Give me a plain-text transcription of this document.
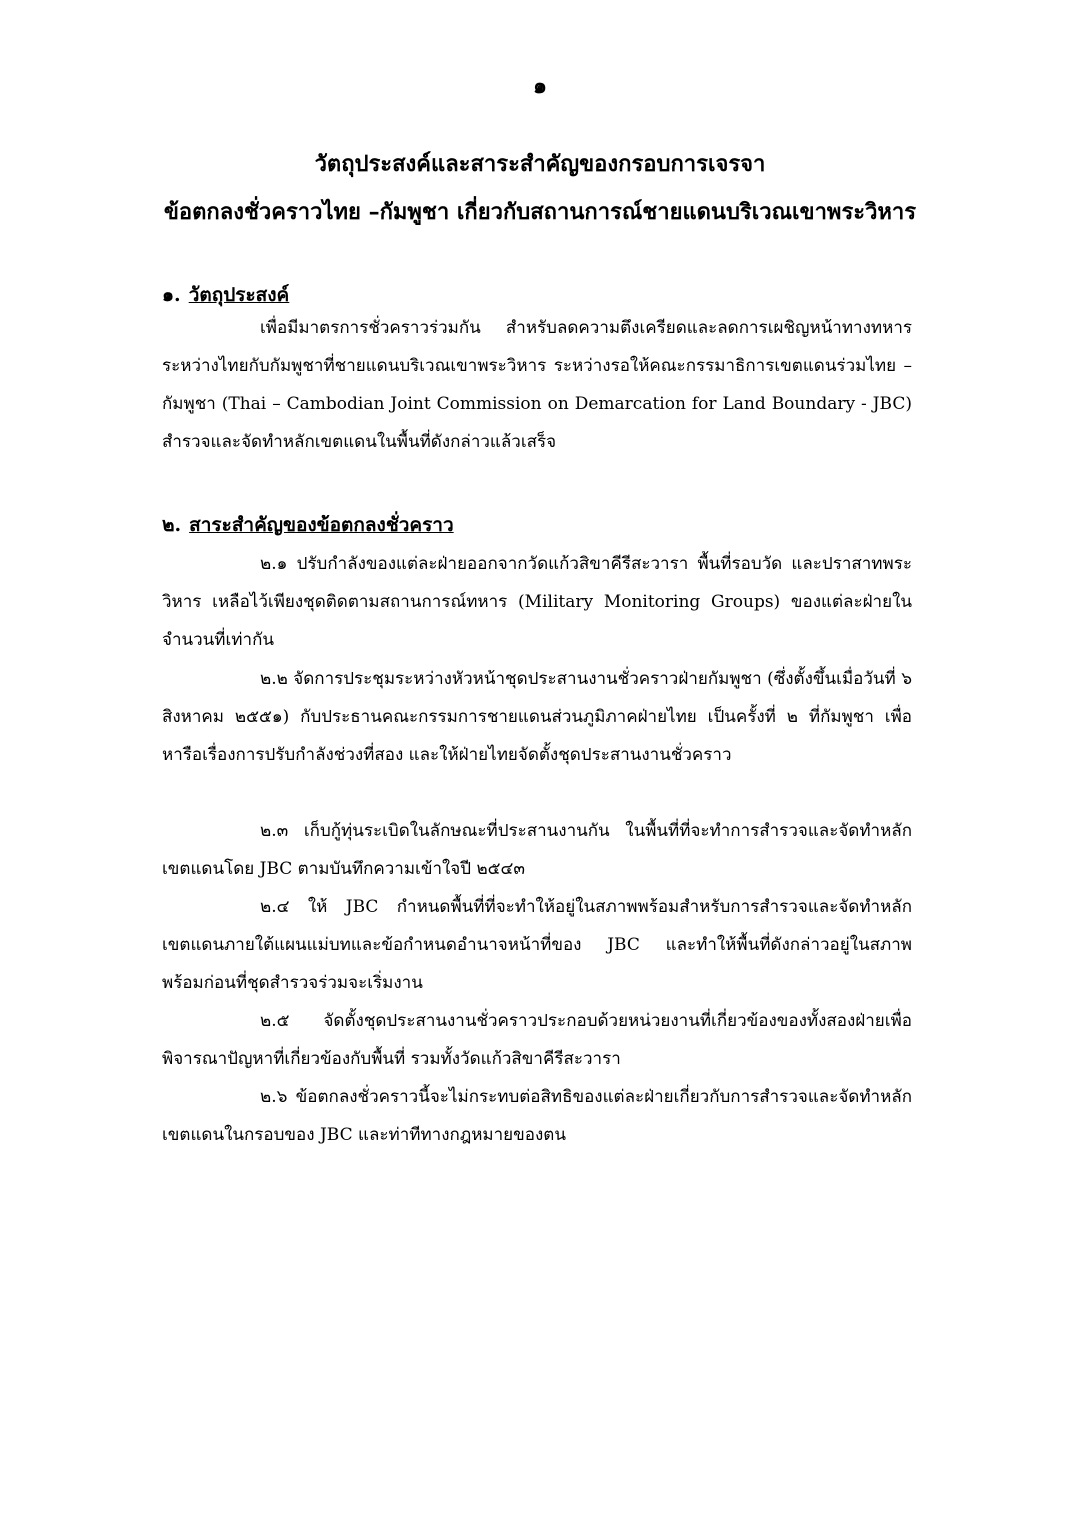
๑
วัตถุประสงค์และสาระสำคัญของกรอบการเจรจา
ข้อตกลงชั่วคราวไทย –กัมพูชา เกี่ยวกับสถานการณ์ชายแดนบริเวณเขาพระวิหาร
๑. วัตถุประสงค์
เพื่อมีมาตรการชั่วคราวร่วมกัน สำหรับลดความตึงเครียดและลดการเผชิญหน้าทางทหารระหว่างไทยกับกัมพูชาที่ชายแดนบริเวณเขาพระวิหาร ระหว่างรอให้คณะกรรมาธิการเขตแดนร่วมไทย – กัมพูชา (Thai – Cambodian Joint Commission on Demarcation for Land Boundary - JBC) สำรวจและจัดทำหลักเขตแดนในพื้นที่ดังกล่าวแล้วเสร็จ
๒. สาระสำคัญของข้อตกลงชั่วคราว
๒.๑ ปรับกำลังของแต่ละฝ่ายออกจากวัดแก้วสิขาคีรีสะวารา พื้นที่รอบวัด และปราสาทพระวิหาร เหลือไว้เพียงชุดติดตามสถานการณ์ทหาร (Military Monitoring Groups) ของแต่ละฝ่ายในจำนวนที่เท่ากัน
๒.๒ จัดการประชุมระหว่างหัวหน้าชุดประสานงานชั่วคราวฝ่ายกัมพูชา (ซึ่งตั้งขึ้นเมื่อวันที่ ๖ สิงหาคม ๒๕๕๑) กับประธานคณะกรรมการชายแดนส่วนภูมิภาคฝ่ายไทย เป็นครั้งที่ ๒ ที่กัมพูชา เพื่อหารือเรื่องการปรับกำลังช่วงที่สอง และให้ฝ่ายไทยจัดตั้งชุดประสานงานชั่วคราว
๒.๓ เก็บกู้ทุ่นระเบิดในลักษณะที่ประสานงานกัน ในพื้นที่ที่จะทำการสำรวจและจัดทำหลักเขตแดนโดย JBC ตามบันทึกความเข้าใจปี ๒๕๔๓
๒.๔ ให้ JBC กำหนดพื้นที่ที่จะทำให้อยู่ในสภาพพร้อมสำหรับการสำรวจและจัดทำหลักเขตแดนภายใต้แผนแม่บทและข้อกำหนดอำนาจหน้าที่ของ JBC และทำให้พื้นที่ดังกล่าวอยู่ในสภาพพร้อมก่อนที่ชุดสำรวจร่วมจะเริ่มงาน
๒.๕ จัดตั้งชุดประสานงานชั่วคราวประกอบด้วยหน่วยงานที่เกี่ยวข้องของทั้งสองฝ่ายเพื่อพิจารณาปัญหาที่เกี่ยวข้องกับพื้นที่ รวมทั้งวัดแก้วสิขาคีรีสะวารา
๒.๖ ข้อตกลงชั่วคราวนี้จะไม่กระทบต่อสิทธิของแต่ละฝ่ายเกี่ยวกับการสำรวจและจัดทำหลักเขตแดนในกรอบของ JBC และท่าทีทางกฎหมายของตน
